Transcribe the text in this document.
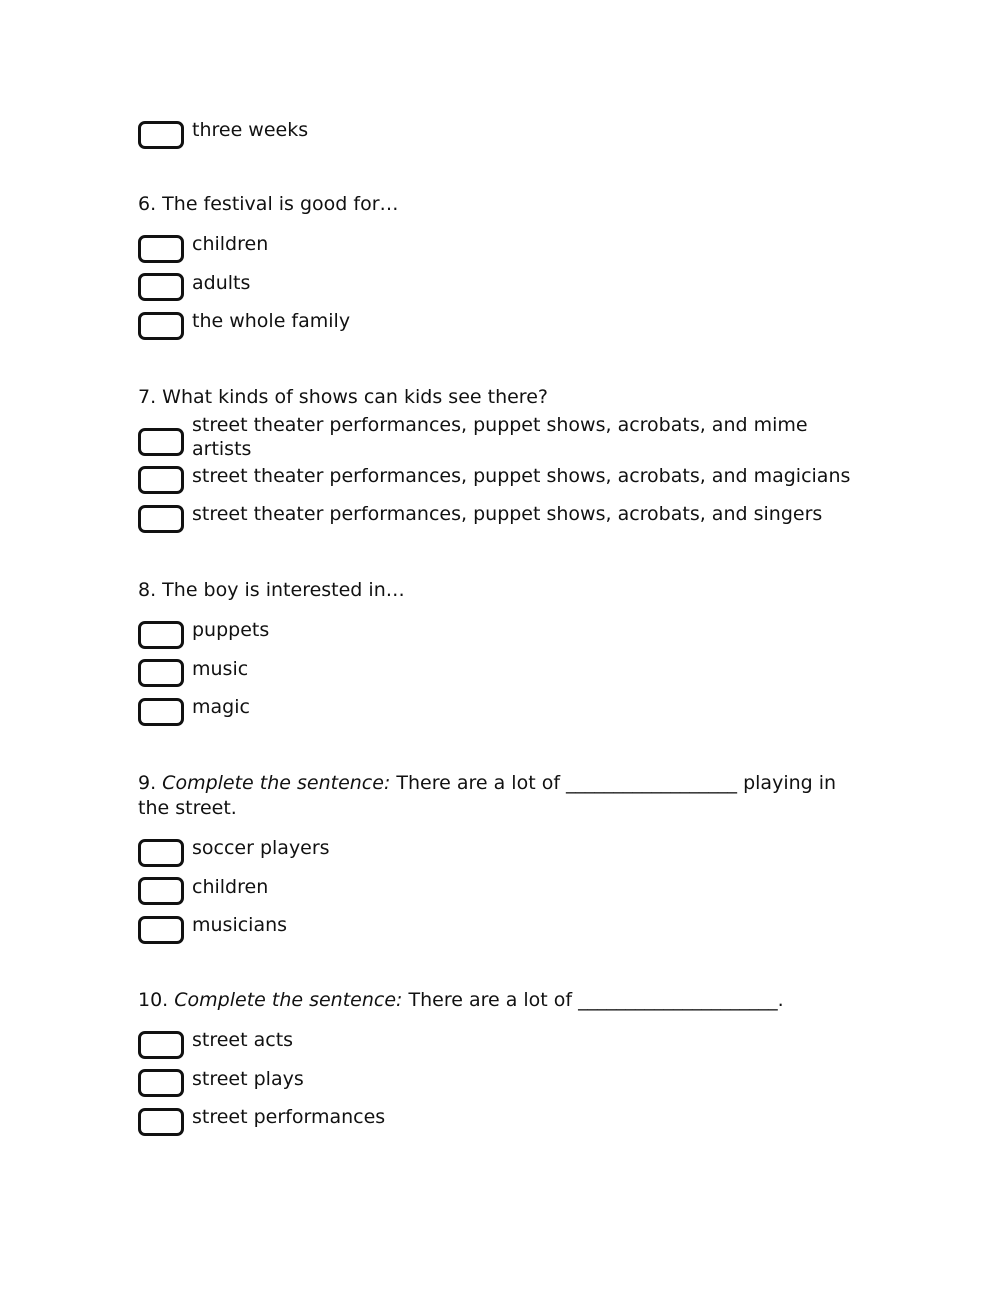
three weeks
6. The festival is good for…
children
adults
the whole family
7. What kinds of shows can kids see there?
street theater performances, puppet shows, acrobats, and mime artists
street theater performances, puppet shows, acrobats, and magicians
street theater performances, puppet shows, acrobats, and singers
8. The boy is interested in…
puppets
music
magic
9. Complete the sentence: There are a lot of __________________ playing in the street.
soccer players
children
musicians
10. Complete the sentence: There are a lot of _____________________.
street acts
street plays
street performances
